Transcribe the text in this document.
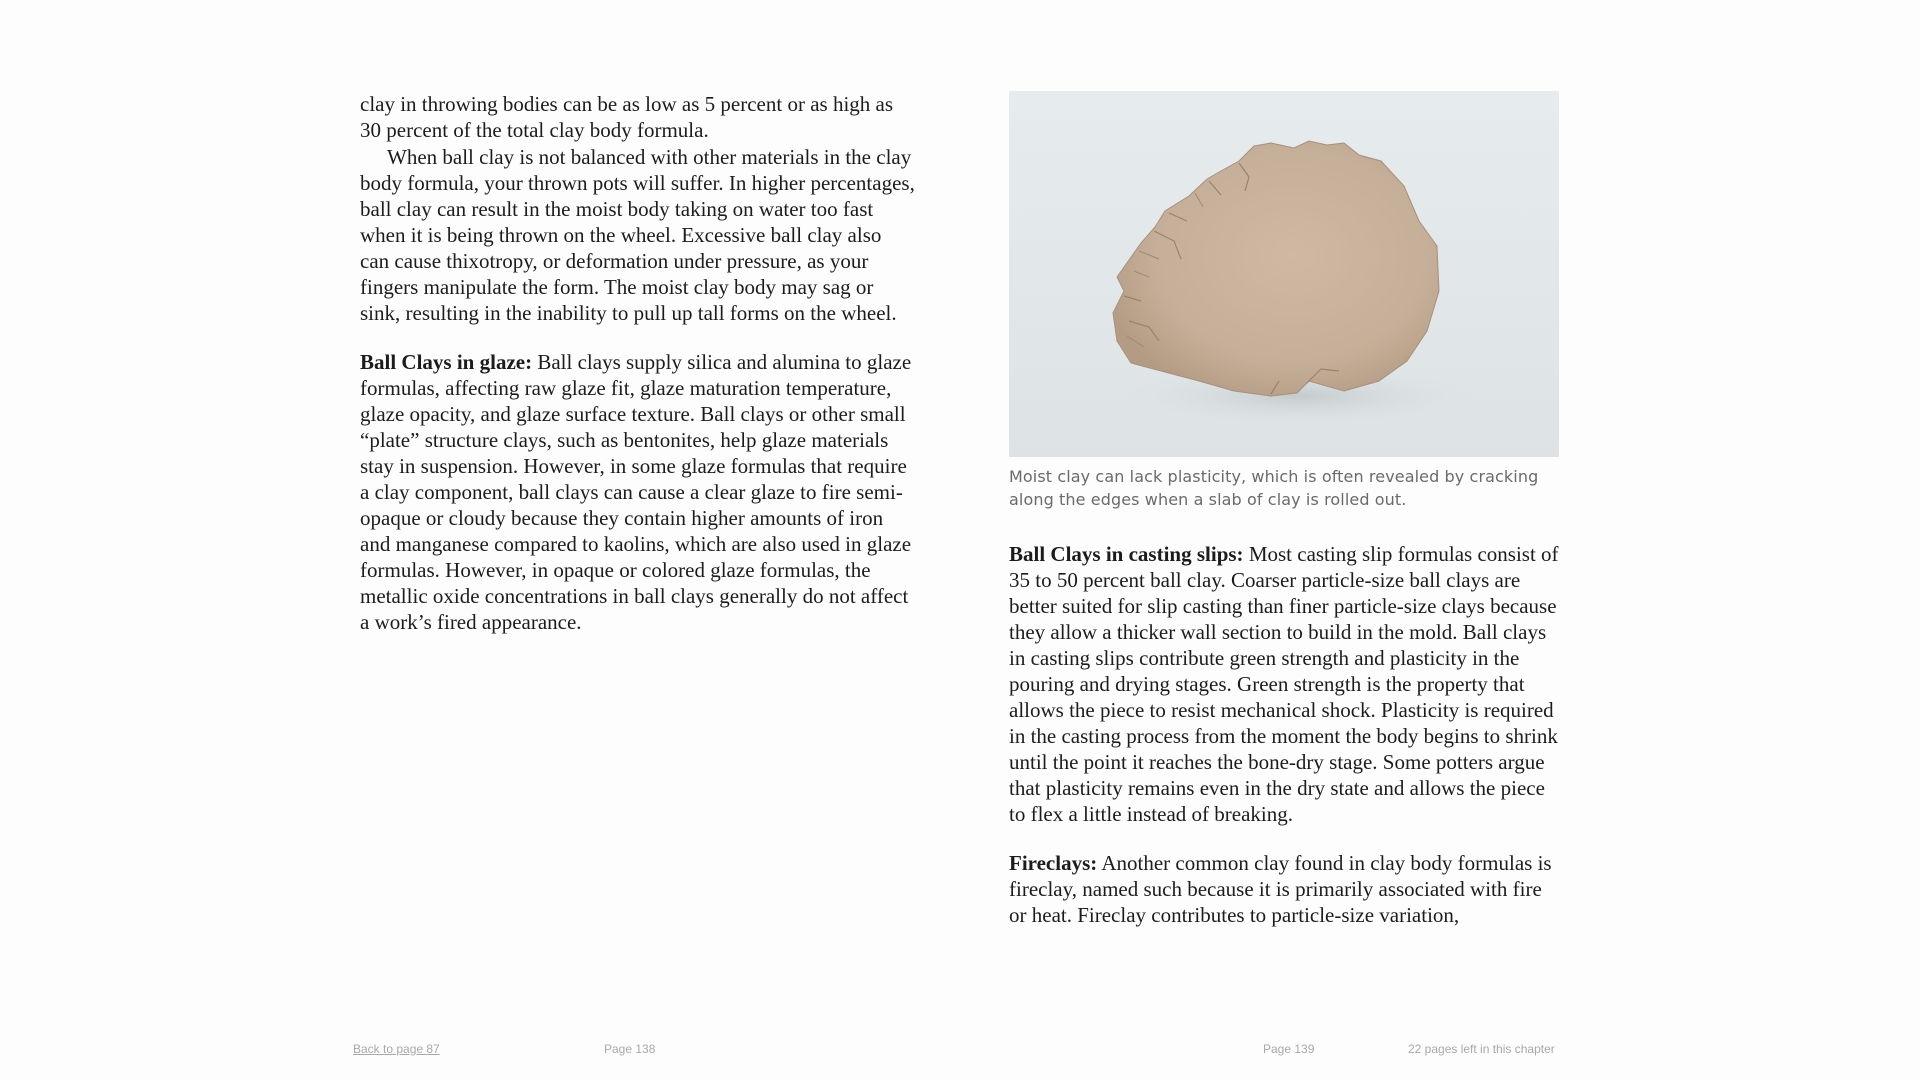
clay in throwing bodies can be as low as 5 percent or as high as 30 percent of the total clay body formula.

When ball clay is not balanced with other materials in the clay body formula, your thrown pots will suffer. In higher percentages, ball clay can result in the moist body taking on water too fast when it is being thrown on the wheel. Excessive ball clay also can cause thixotropy, or deformation under pressure, as your fingers manipulate the form. The moist clay body may sag or sink, resulting in the inability to pull up tall forms on the wheel.

Ball Clays in glaze: Ball clays supply silica and alumina to glaze formulas, affecting raw glaze fit, glaze maturation temperature, glaze opacity, and glaze surface texture. Ball clays or other small “plate” structure clays, such as bentonites, help glaze materials stay in suspension. However, in some glaze formulas that require a clay component, ball clays can cause a clear glaze to fire semi-opaque or cloudy because they contain higher amounts of iron and manganese compared to kaolins, which are also used in glaze formulas. However, in opaque or colored glaze formulas, the metallic oxide concentrations in ball clays generally do not affect a work’s fired appearance.

Moist clay can lack plasticity, which is often revealed by cracking along the edges when a slab of clay is rolled out.

Ball Clays in casting slips: Most casting slip formulas consist of 35 to 50 percent ball clay. Coarser particle-size ball clays are better suited for slip casting than finer particle-size clays because they allow a thicker wall section to build in the mold. Ball clays in casting slips contribute green strength and plasticity in the pouring and drying stages. Green strength is the property that allows the piece to resist mechanical shock. Plasticity is required in the casting process from the moment the body begins to shrink until the point it reaches the bone-dry stage. Some potters argue that plasticity remains even in the dry state and allows the piece to flex a little instead of breaking.

Fireclays: Another common clay found in clay body formulas is fireclay, named such because it is primarily associated with fire or heat. Fireclay contributes to particle-size variation,

Back to page 87	Page 138	Page 139	22 pages left in this chapter
